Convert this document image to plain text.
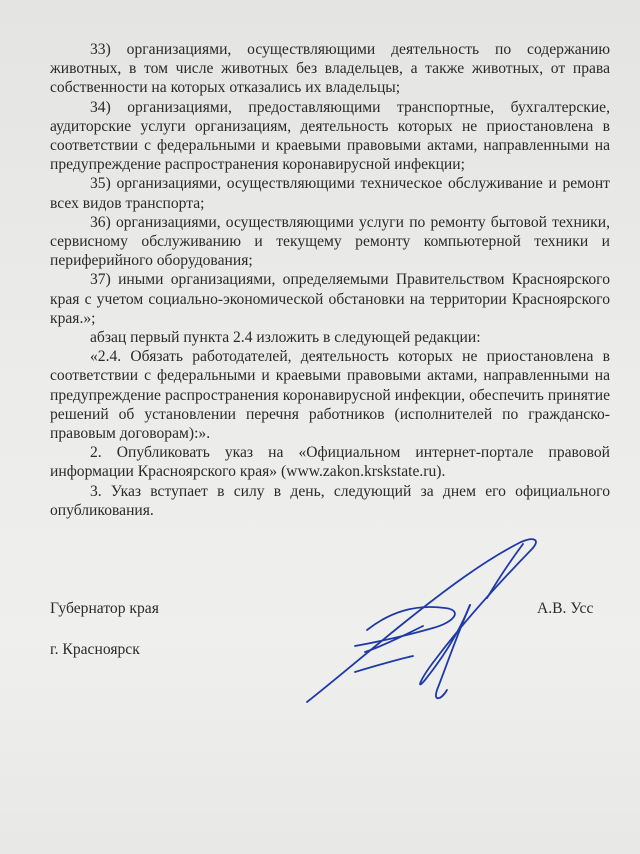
33) организациями, осуществляющими деятельность по содержанию животных, в том числе животных без владельцев, а также животных, от права собственности на которых отказались их владельцы;

34) организациями, предоставляющими транспортные, бухгалтерские, аудиторские услуги организациям, деятельность которых не приостановлена в соответствии с федеральными и краевыми правовыми актами, направленными на предупреждение распространения коронавирусной инфекции;

35) организациями, осуществляющими техническое обслуживание и ремонт всех видов транспорта;

36) организациями, осуществляющими услуги по ремонту бытовой техники, сервисному обслуживанию и текущему ремонту компьютерной техники и периферийного оборудования;

37) иными организациями, определяемыми Правительством Красноярского края с учетом социально-экономической обстановки на территории Красноярского края.»;

абзац первый пункта 2.4 изложить в следующей редакции:

«2.4. Обязать работодателей, деятельность которых не приостановлена в соответствии с федеральными и краевыми правовыми актами, направленными на предупреждение распространения коронавирусной инфекции, обеспечить принятие решений об установлении перечня работников (исполнителей по гражданско-правовым договорам):».

2. Опубликовать указ на «Официальном интернет-портале правовой информации Красноярского края» (www.zakon.krskstate.ru).

3. Указ вступает в силу в день, следующий за днем его официального опубликования.

Губернатор края	А.В. Усс
г. Красноярск
